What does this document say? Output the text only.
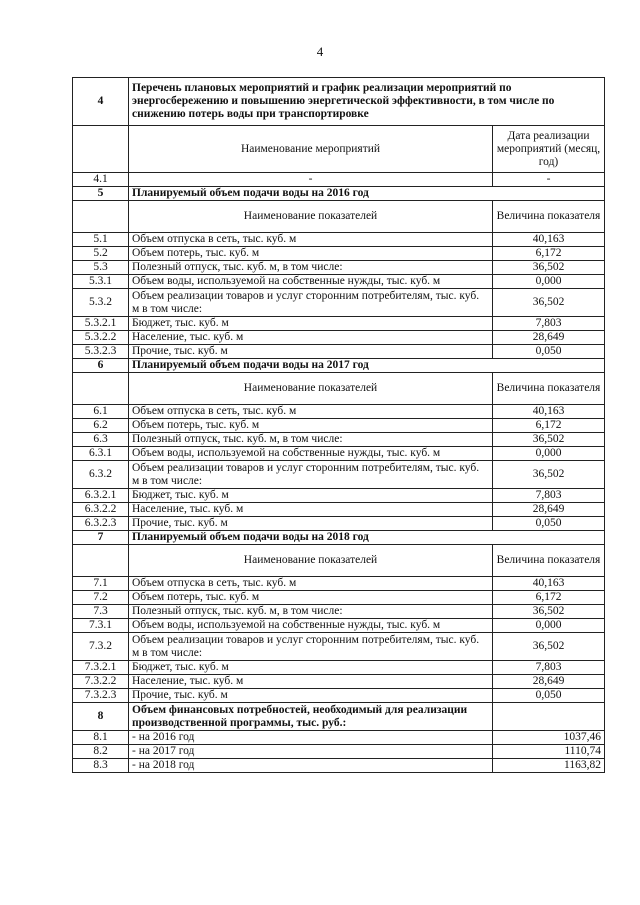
4
4	Перечень плановых мероприятий и график реализации мероприятий по энергосбережению и повышению энергетической эффективности, в том числе по снижению потерь воды при транспортировке	
	Наименование мероприятий	Дата реализации мероприятий (месяц, год)
4.1	-	-
5	Планируемый объем подачи воды на 2016 год	
	Наименование показателей	Величина показателя
5.1	Объем отпуска в сеть, тыс. куб. м	40,163
5.2	Объем потерь, тыс. куб. м	6,172
5.3	Полезный отпуск, тыс. куб. м, в том числе:	36,502
5.3.1	Объем воды, используемой на собственные нужды, тыс. куб. м	0,000
5.3.2	Объем реализации товаров и услуг сторонним потребителям, тыс. куб. м в том числе:	36,502
5.3.2.1	Бюджет, тыс. куб. м	7,803
5.3.2.2	Население, тыс. куб. м	28,649
5.3.2.3	Прочие, тыс. куб. м	0,050
6	Планируемый объем подачи воды на 2017 год	
	Наименование показателей	Величина показателя
6.1	Объем отпуска в сеть, тыс. куб. м	40,163
6.2	Объем потерь, тыс. куб. м	6,172
6.3	Полезный отпуск, тыс. куб. м, в том числе:	36,502
6.3.1	Объем воды, используемой на собственные нужды, тыс. куб. м	0,000
6.3.2	Объем реализации товаров и услуг сторонним потребителям, тыс. куб. м в том числе:	36,502
6.3.2.1	Бюджет, тыс. куб. м	7,803
6.3.2.2	Население, тыс. куб. м	28,649
6.3.2.3	Прочие, тыс. куб. м	0,050
7	Планируемый объем подачи воды на 2018 год	
	Наименование показателей	Величина показателя
7.1	Объем отпуска в сеть, тыс. куб. м	40,163
7.2	Объем потерь, тыс. куб. м	6,172
7.3	Полезный отпуск, тыс. куб. м, в том числе:	36,502
7.3.1	Объем воды, используемой на собственные нужды, тыс. куб. м	0,000
7.3.2	Объем реализации товаров и услуг сторонним потребителям, тыс. куб. м в том числе:	36,502
7.3.2.1	Бюджет, тыс. куб. м	7,803
7.3.2.2	Население, тыс. куб. м	28,649
7.3.2.3	Прочие, тыс. куб. м	0,050
8	Объем финансовых потребностей, необходимый для реализации производственной программы, тыс. руб.:	
8.1	- на 2016 год	1037,46
8.2	- на 2017 год	1110,74
8.3	- на 2018 год	1163,82
